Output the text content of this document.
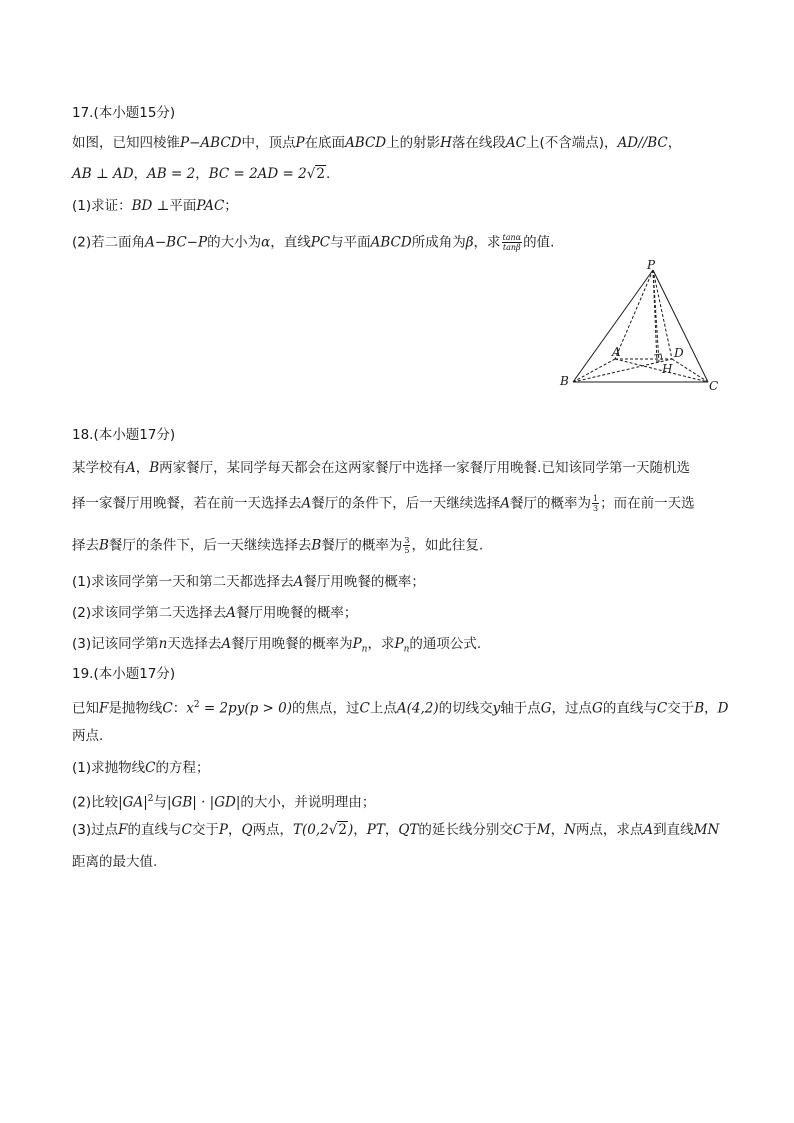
17.(本小题15分)
如图，已知四棱锥P−ABCD中，顶点P在底面ABCD上的射影H落在线段AC上(不含端点)，AD//BC，
AB ⊥ AD，AB = 2，BC = 2AD = 2√2.
(1)求证：BD ⊥平面PAC；
(2)若二面角A−BC−P的大小为α，直线PC与平面ABCD所成角为β，求 $\frac{\tan\alpha}{\tan\beta}$ 的值.
P
A	D
H
B	C
18.(本小题17分)
某学校有A，B两家餐厅，某同学每天都会在这两家餐厅中选择一家餐厅用晚餐.已知该同学第一天随机选
择一家餐厅用晚餐，若在前一天选择去A餐厅的条件下，后一天继续选择A餐厅的概率为 $\frac{1}{3}$ ；而在前一天选
择去B餐厅的条件下，后一天继续选择去B餐厅的概率为 $\frac{3}{5}$ ，如此往复.
(1)求该同学第一天和第二天都选择去A餐厅用晚餐的概率；
(2)求该同学第二天选择去A餐厅用晚餐的概率；
(3)记该同学第n天选择去A餐厅用晚餐的概率为$P_n$，求$P_n$的通项公式.
19.(本小题17分)
已知F是抛物线C：$x^2 = 2py(p > 0)$的焦点，过C上点A(4,2)的切线交y轴于点G，过点G的直线与C交于B，D
两点.
(1)求抛物线C的方程；
(2)比较$|GA|^2$与|GB| · |GD|的大小，并说明理由；
(3)过点F的直线与C交于P，Q两点，T(0,2√2)，PT，QT的延长线分别交C于M，N两点，求点A到直线MN
距离的最大值.
